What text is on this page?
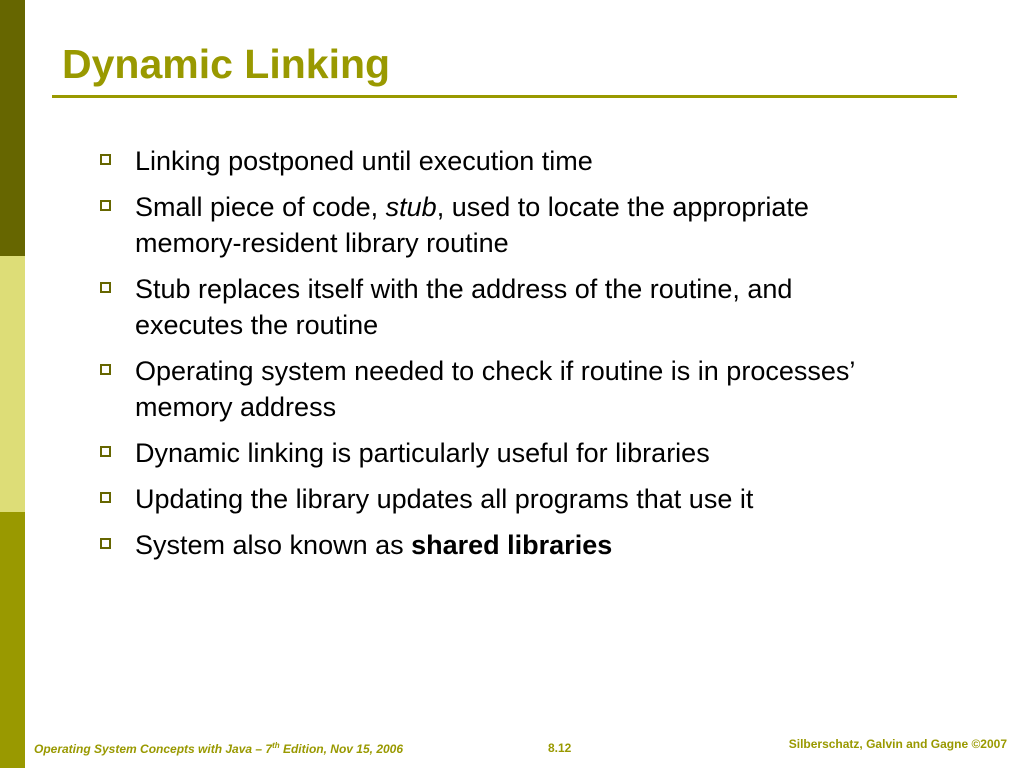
Dynamic Linking
Linking postponed until execution time
Small piece of code, stub, used to locate the appropriate memory-resident library routine
Stub replaces itself with the address of the routine, and executes the routine
Operating system needed to check if routine is in processes’ memory address
Dynamic linking is particularly useful for libraries
Updating the library updates all programs that use it
System also known as shared libraries
Operating System Concepts with Java – 7th Edition, Nov 15, 2006	8.12	Silberschatz, Galvin and Gagne ©2007
